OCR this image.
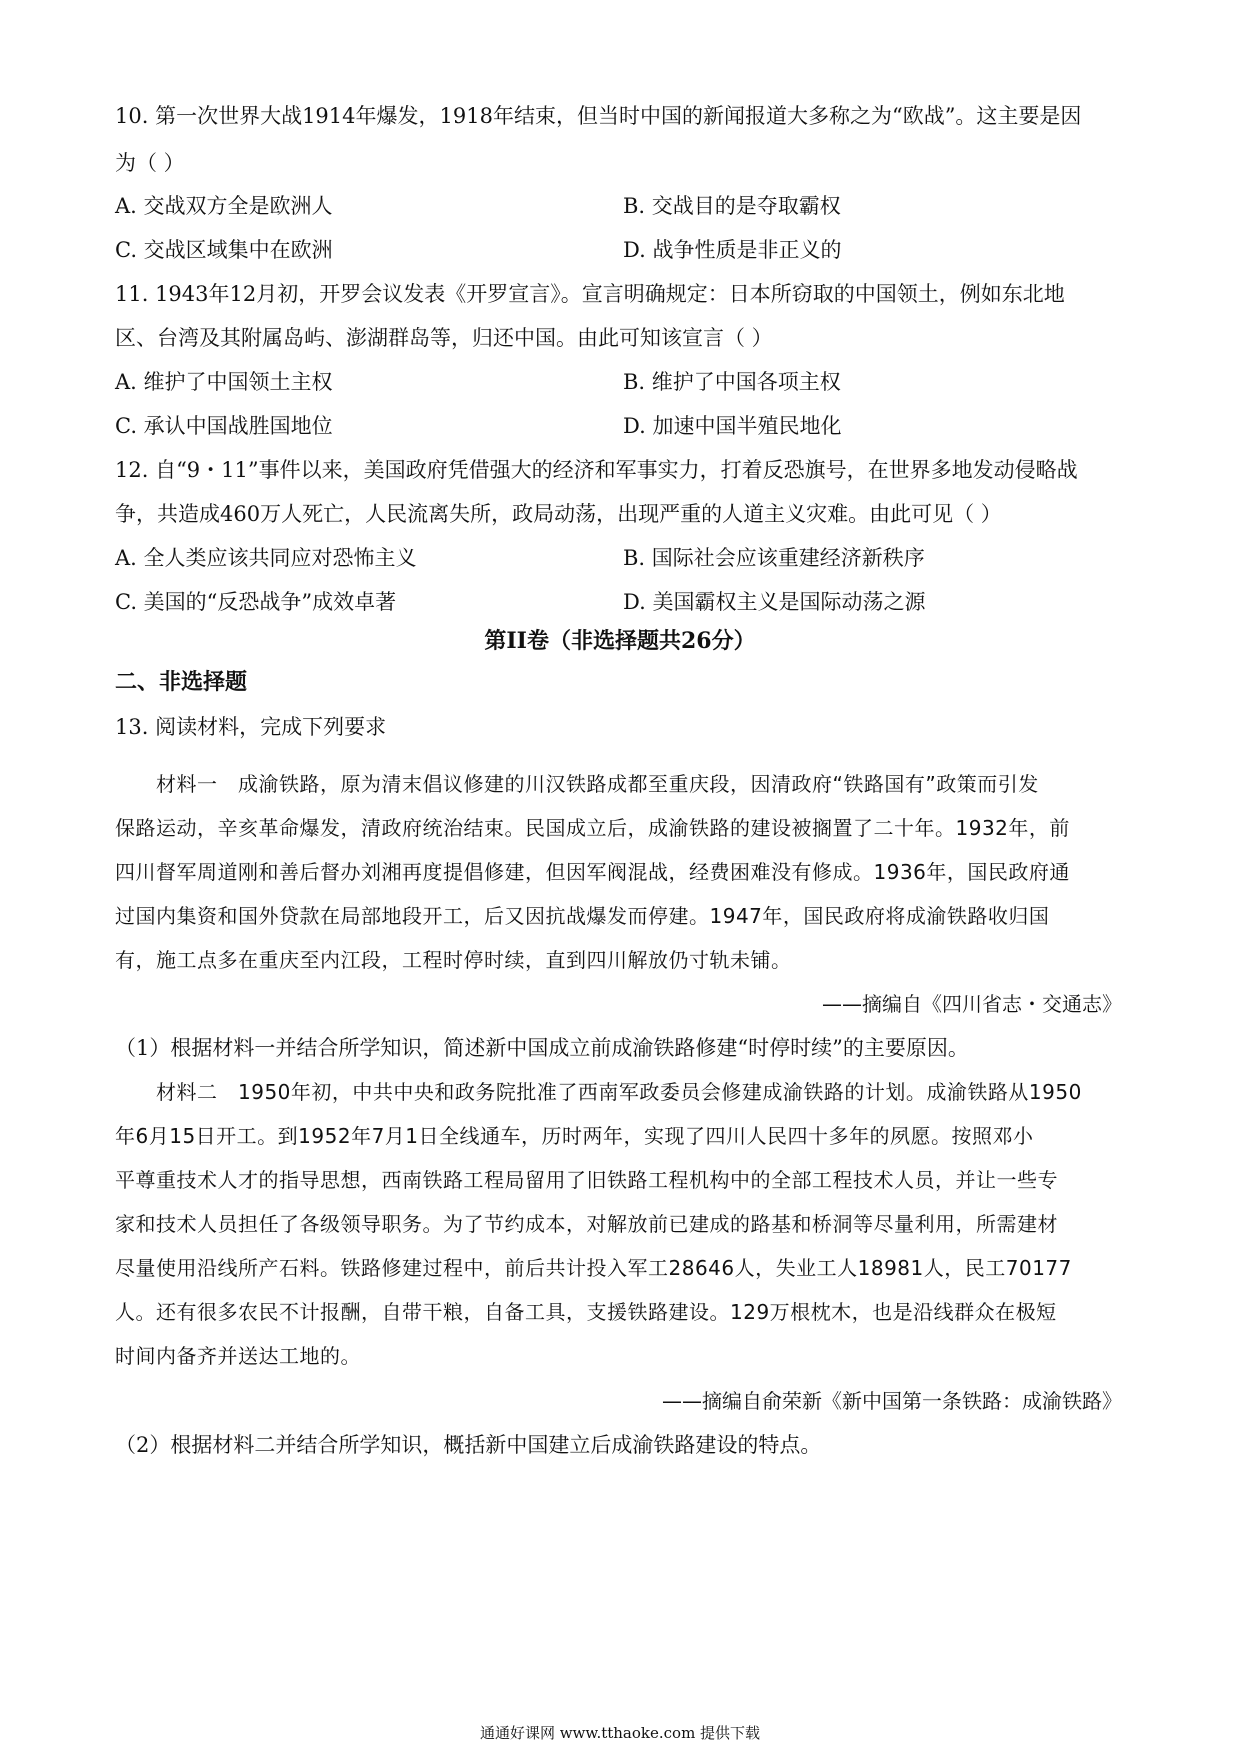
10. 第一次世界大战1914年爆发，1918年结束，但当时中国的新闻报道大多称之为“欧战”。这主要是因
为（ ）
A. 交战双方全是欧洲人	B. 交战目的是夺取霸权
C. 交战区域集中在欧洲	D. 战争性质是非正义的
11. 1943年12月初，开罗会议发表《开罗宣言》。宣言明确规定：日本所窃取的中国领土，例如东北地
区、台湾及其附属岛屿、澎湖群岛等，归还中国。由此可知该宣言（ ）
A. 维护了中国领土主权	B. 维护了中国各项主权
C. 承认中国战胜国地位	D. 加速中国半殖民地化
12. 自“9・11”事件以来，美国政府凭借强大的经济和军事实力，打着反恐旗号，在世界多地发动侵略战
争，共造成460万人死亡，人民流离失所，政局动荡，出现严重的人道主义灾难。由此可见（ ）
A. 全人类应该共同应对恐怖主义	B. 国际社会应该重建经济新秩序
C. 美国的“反恐战争”成效卓著	D. 美国霸权主义是国际动荡之源
第II卷（非选择题共26分）
二、非选择题
13. 阅读材料，完成下列要求
　　材料一　成渝铁路，原为清末倡议修建的川汉铁路成都至重庆段，因清政府“铁路国有”政策而引发
保路运动，辛亥革命爆发，清政府统治结束。民国成立后，成渝铁路的建设被搁置了二十年。1932年，前
四川督军周道刚和善后督办刘湘再度提倡修建，但因军阀混战，经费困难没有修成。1936年，国民政府通
过国内集资和国外贷款在局部地段开工，后又因抗战爆发而停建。1947年，国民政府将成渝铁路收归国
有，施工点多在重庆至内江段，工程时停时续，直到四川解放仍寸轨未铺。
——摘编自《四川省志・交通志》
（1）根据材料一并结合所学知识，简述新中国成立前成渝铁路修建“时停时续”的主要原因。
　　材料二　1950年初，中共中央和政务院批准了西南军政委员会修建成渝铁路的计划。成渝铁路从1950
年6月15日开工。到1952年7月1日全线通车，历时两年，实现了四川人民四十多年的夙愿。按照邓小
平尊重技术人才的指导思想，西南铁路工程局留用了旧铁路工程机构中的全部工程技术人员，并让一些专
家和技术人员担任了各级领导职务。为了节约成本，对解放前已建成的路基和桥洞等尽量利用，所需建材
尽量使用沿线所产石料。铁路修建过程中，前后共计投入军工28646人，失业工人18981人，民工70177
人。还有很多农民不计报酬，自带干粮，自备工具，支援铁路建设。129万根枕木，也是沿线群众在极短
时间内备齐并送达工地的。
——摘编自俞荣新《新中国第一条铁路：成渝铁路》
（2）根据材料二并结合所学知识，概括新中国建立后成渝铁路建设的特点。
通通好课网 www.tthaoke.com 提供下载
